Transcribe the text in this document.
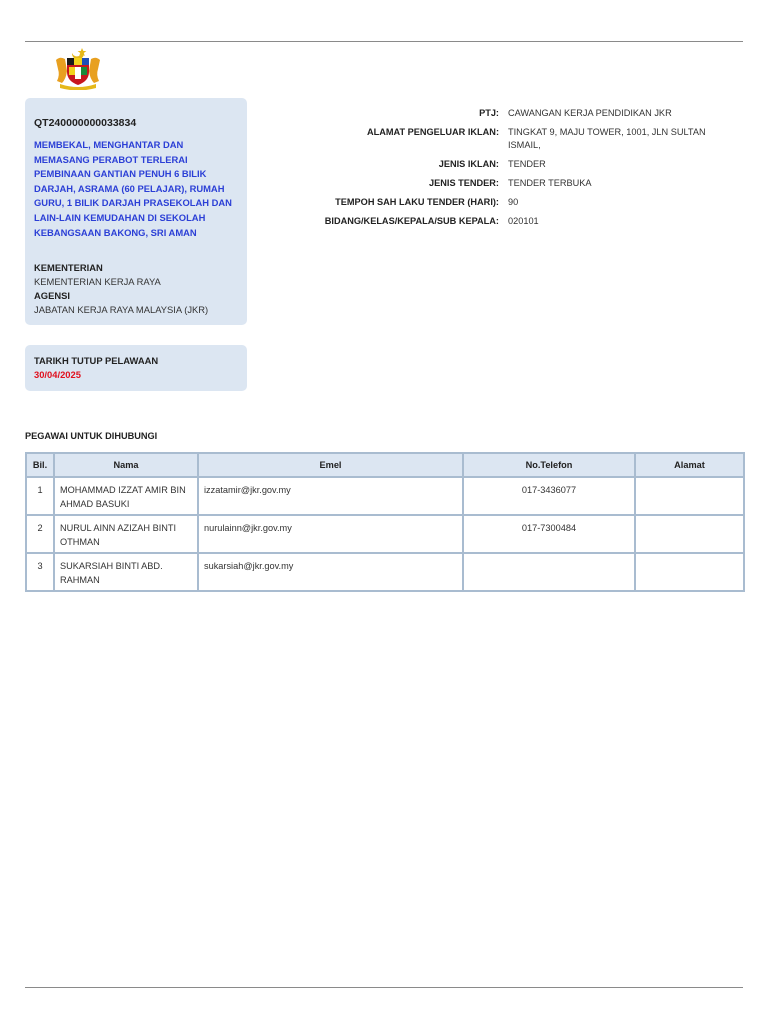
QT240000000033834
MEMBEKAL, MENGHANTAR DAN MEMASANG PERABOT TERLERAI PEMBINAAN GANTIAN PENUH 6 BILIK DARJAH, ASRAMA (60 PELAJAR), RUMAH GURU, 1 BILIK DARJAH PRASEKOLAH DAN LAIN-LAIN KEMUDAHAN DI SEKOLAH KEBANGSAAN BAKONG, SRI AMAN
KEMENTERIAN
KEMENTERIAN KERJA RAYA
AGENSI
JABATAN KERJA RAYA MALAYSIA (JKR)
TARIKH TUTUP PELAWAAN
30/04/2025
PTJ: CAWANGAN KERJA PENDIDIKAN JKR
ALAMAT PENGELUAR IKLAN: TINGKAT 9, MAJU TOWER, 1001, JLN SULTAN ISMAIL,
JENIS IKLAN: TENDER
JENIS TENDER: TENDER TERBUKA
TEMPOH SAH LAKU TENDER (HARI): 90
BIDANG/KELAS/KEPALA/SUB KEPALA: 020101
PEGAWAI UNTUK DIHUBUNGI
Bil.	Nama	Emel	No.Telefon	Alamat
1	MOHAMMAD IZZAT AMIR BIN AHMAD BASUKI	izzatamir@jkr.gov.my	017-3436077	
2	NURUL AINN AZIZAH BINTI OTHMAN	nurulainn@jkr.gov.my	017-7300484	
3	SUKARSIAH BINTI ABD. RAHMAN	sukarsiah@jkr.gov.my		
